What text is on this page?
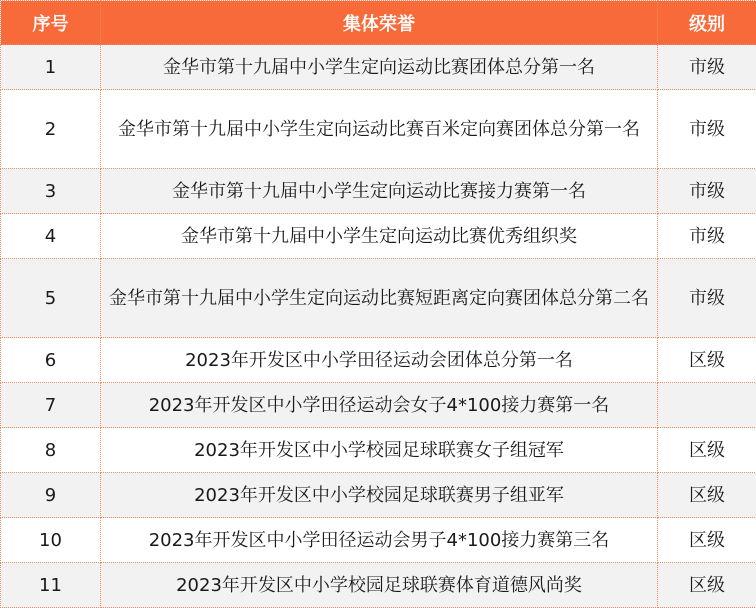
序号	集体荣誉	级别
1	金华市第十九届中小学生定向运动比赛团体总分第一名	市级
2	金华市第十九届中小学生定向运动比赛百米定向赛团体总分第一名	市级
3	金华市第十九届中小学生定向运动比赛接力赛第一名	市级
4	金华市第十九届中小学生定向运动比赛优秀组织奖	市级
5	金华市第十九届中小学生定向运动比赛短距离定向赛团体总分第二名	市级
6	2023年开发区中小学田径运动会团体总分第一名	区级
7	2023年开发区中小学田径运动会女子4*100接力赛第一名	
8	2023年开发区中小学校园足球联赛女子组冠军	区级
9	2023年开发区中小学校园足球联赛男子组亚军	区级
10	2023年开发区中小学田径运动会男子4*100接力赛第三名	区级
11	2023年开发区中小学校园足球联赛体育道德风尚奖	区级
